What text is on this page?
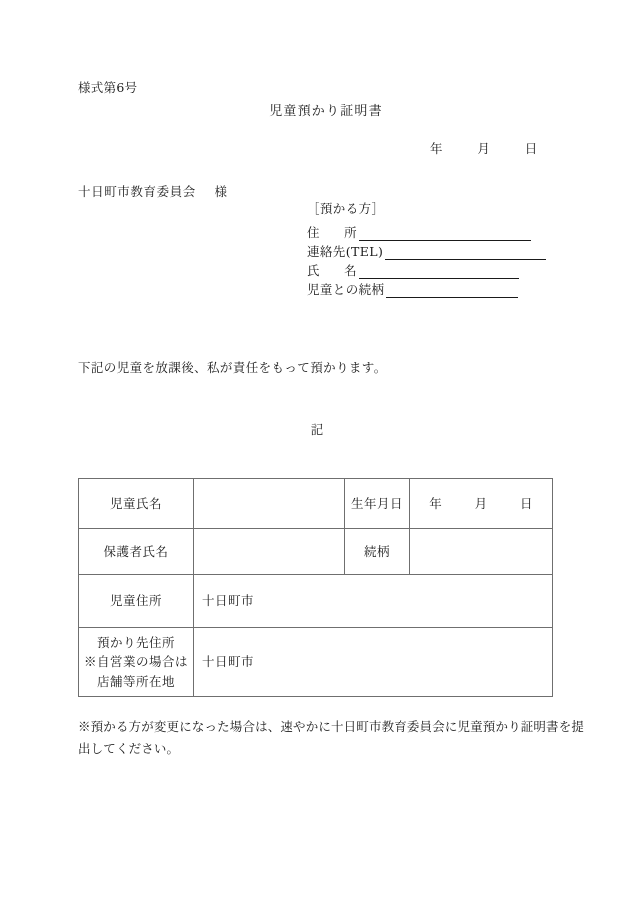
様式第6号
児童預かり証明書
年	月	日
十日町市教育委員会 様
［預かる方］
住　所
連絡先(TEL)
氏　名
児童との続柄
下記の児童を放課後、私が責任をもって預かります。
記
児童氏名		生年月日	年 月 日
保護者氏名		続柄	
児童住所	十日町市		

預かり先住所
※自営業の場合は
店舗等所在地	十日町市		
※預かる方が変更になった場合は、速やかに十日町市教育委員会に児童預かり証明書を提
出してください。
